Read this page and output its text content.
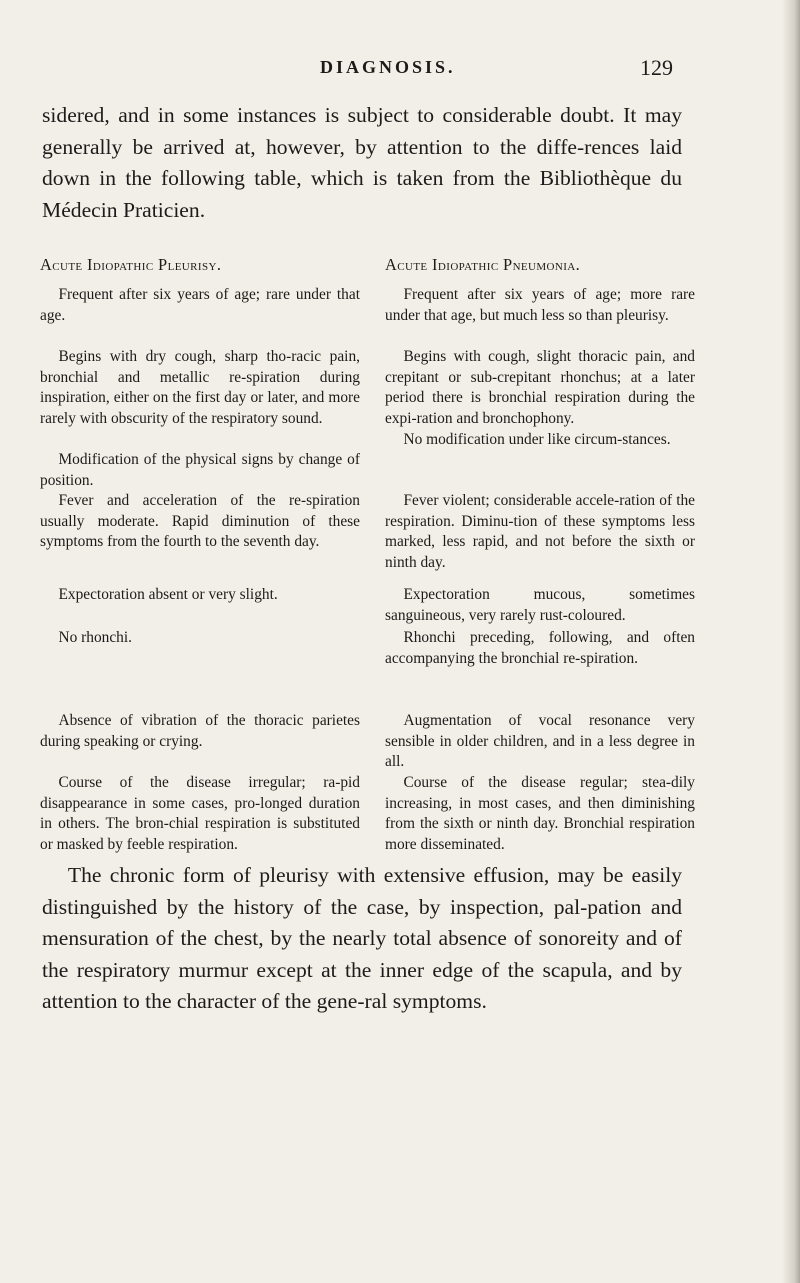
DIAGNOSIS.	129

sidered, and in some instances is subject to considerable doubt. It may generally be arrived at, however, by attention to the diffe-rences laid down in the following table, which is taken from the Bibliothèque du Médecin Praticien.

Acute Idiopathic Pleurisy.

Frequent after six years of age; rare under that age.

Begins with dry cough, sharp tho-racic pain, bronchial and metallic re-spiration during inspiration, either on the first day or later, and more rarely with obscurity of the respiratory sound.

Modification of the physical signs by change of position.

Fever and acceleration of the re-spiration usually moderate. Rapid diminution of these symptoms from the fourth to the seventh day.

Expectoration absent or very slight.

No rhonchi.

Absence of vibration of the thoracic parietes during speaking or crying.

Course of the disease irregular; ra-pid disappearance in some cases, pro-longed duration in others. The bron-chial respiration is substituted or masked by feeble respiration.

Acute Idiopathic Pneumonia.

Frequent after six years of age; more rare under that age, but much less so than pleurisy.

Begins with cough, slight thoracic pain, and crepitant or sub-crepitant rhonchus; at a later period there is bronchial respiration during the expi-ration and bronchophony.

No modification under like circum-stances.

Fever violent; considerable accele-ration of the respiration. Diminu-tion of these symptoms less marked, less rapid, and not before the sixth or ninth day.

Expectoration mucous, sometimes sanguineous, very rarely rust-coloured.

Rhonchi preceding, following, and often accompanying the bronchial re-spiration.

Augmentation of vocal resonance very sensible in older children, and in a less degree in all.

Course of the disease regular; stea-dily increasing, in most cases, and then diminishing from the sixth or ninth day. Bronchial respiration more disseminated.

The chronic form of pleurisy with extensive effusion, may be easily distinguished by the history of the case, by inspection, pal-pation and mensuration of the chest, by the nearly total absence of sonoreity and of the respiratory murmur except at the inner edge of the scapula, and by attention to the character of the gene-ral symptoms.
